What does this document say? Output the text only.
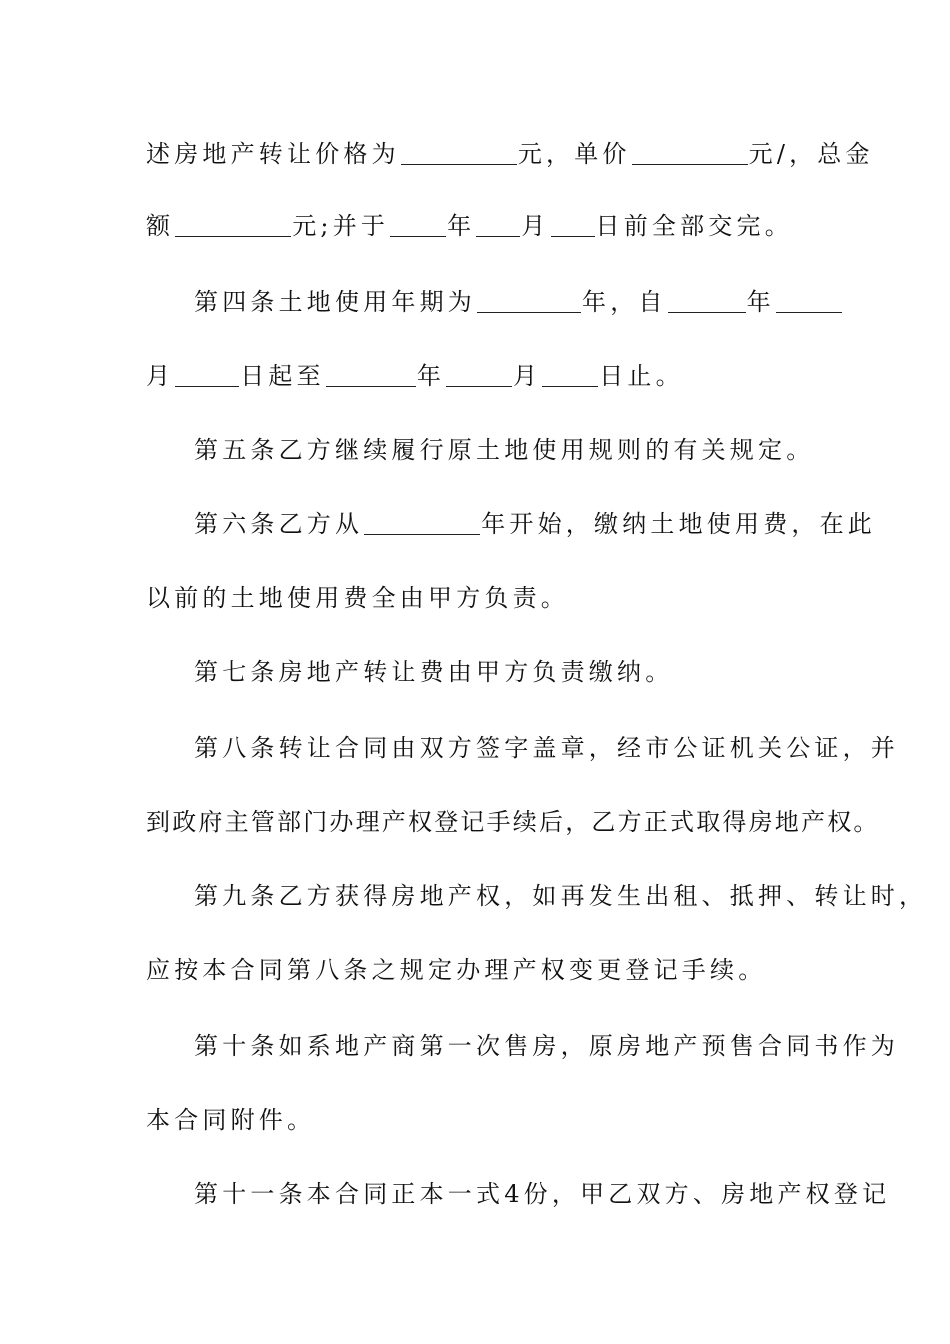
述房地产转让价格为	元，单价	元/，总金
额	元;并于 年 月 日前全部交完。
第四条土地使用年期为	年，自	年
月	日起至	年	月 日止。
第五条乙方继续履行原土地使用规则的有关规定。
第六条乙方从	年开始，缴纳土地使用费，在此
以前的土地使用费全由甲方负责。
第七条房地产转让费由甲方负责缴纳。
第八条转让合同由双方签字盖章，经市公证机关公证，并
到政府主管部门办理产权登记手续后，乙方正式取得房地产权。
第九条乙方获得房地产权，如再发生出租、抵押、转让时，
应按本合同第八条之规定办理产权变更登记手续。
第十条如系地产商第一次售房，原房地产预售合同书作为
本合同附件。
第十一条本合同正本一式4份，甲乙双方、房地产权登记
